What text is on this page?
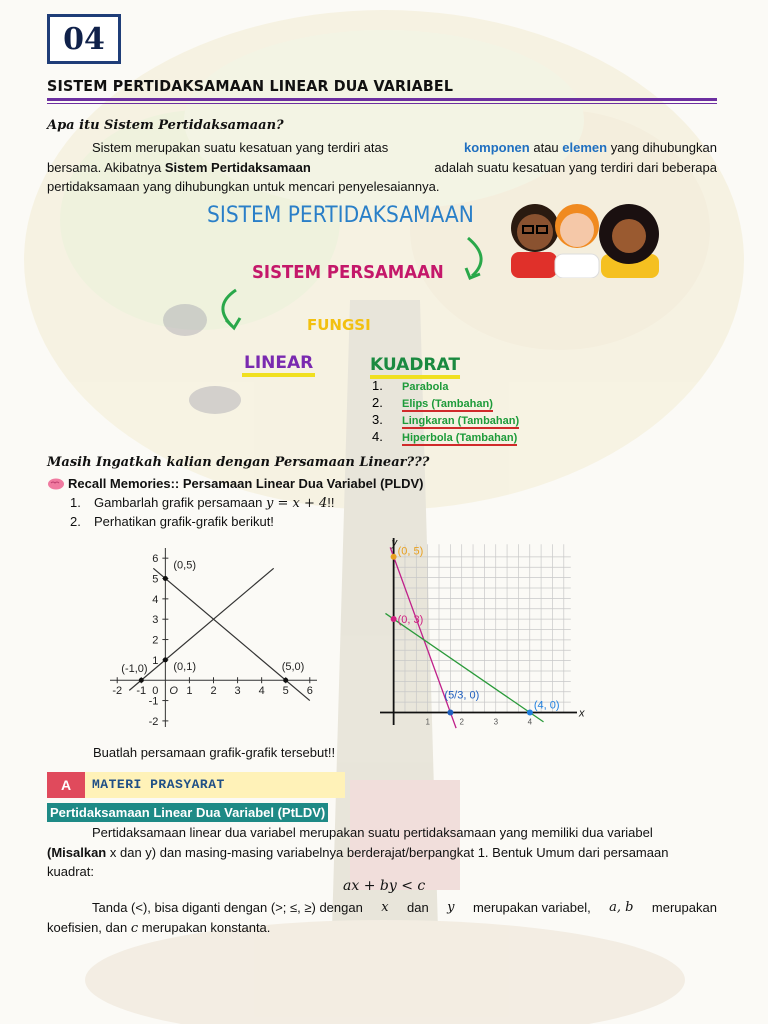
04
SISTEM PERTIDAKSAMAAN LINEAR DUA VARIABEL
Apa itu Sistem Pertidaksamaan?
Sistem merupakan suatu kesatuan yang terdiri atas	komponen atau elemen yang dihubungkan
bersama. Akibatnya Sistem Pertidaksamaan	adalah suatu kesatuan yang terdiri dari beberapa
pertidaksamaan yang dihubungkan untuk mencari penyelesaiannya.
SISTEM PERTIDAKSAMAAN
SISTEM PERSAMAAN
FUNGSI
LINEAR	KUADRAT
1. Parabola
2. Elips (Tambahan)
3. Lingkaran (Tambahan)
4. Hiperbola (Tambahan)
Masih Ingatkah kalian dengan Persamaan Linear???
Recall Memories:: Persamaan Linear Dua Variabel (PLDV)
1. Gambarlah grafik persamaan y = x + 4!!
2. Perhatikan grafik-grafik berikut!
-2 -1 0	1 2 3 4 5 6
-2
-1
1
2
3
4
5
6
(0,5)
(0,1)
(-1,0)	(5,0)
O
x
y
1	2	3	4
(0, 5)
(0, 3)
(5/3, 0)
(4, 0)
Buatlah persamaan grafik-grafik tersebut!!
A	MATERI PRASYARAT
Pertidaksamaan Linear Dua Variabel (PtLDV)
Pertidaksamaan linear dua variabel merupakan suatu pertidaksamaan yang memiliki dua variabel
(Misalkan x dan y) dan masing-masing variabelnya berderajat/berpangkat 1. Bentuk Umum dari persamaan
kuadrat:
ax + by < c
Tanda (<), bisa diganti dengan (>; ≤, ≥) dengan x dan y merupakan variabel, a, b merupakan
koefisien, dan c merupakan konstanta.
